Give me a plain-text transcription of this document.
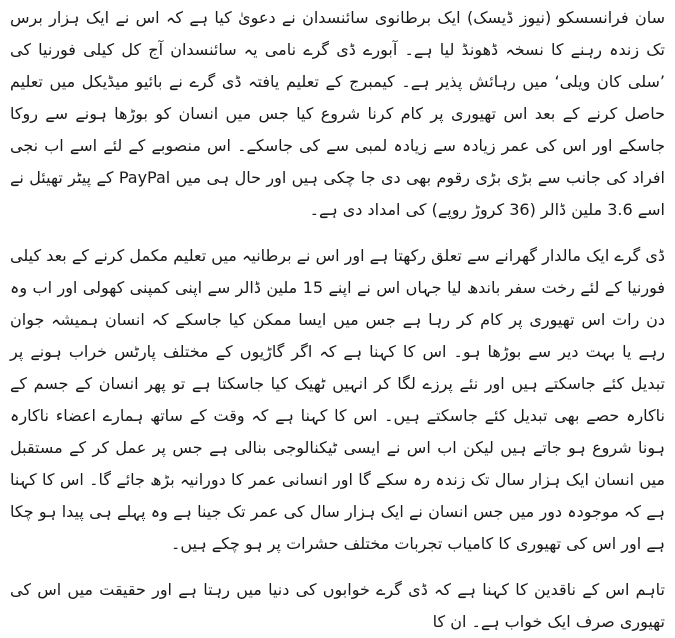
سان فرانسسکو (نیوز ڈیسک) ایک برطانوی سائنسدان نے دعویٰ کیا ہے کہ اس نے ایک ہزار برس تک زندہ رہنے کا نسخہ ڈھونڈ لیا ہے۔ آبورے ڈی گرے نامی یہ سائنسدان آج کل کیلی فورنیا کی ’سلی کان ویلی‘ میں رہائش پذیر ہے۔ کیمبرج کے تعلیم یافتہ ڈی گرے نے بائیو میڈیکل میں تعلیم حاصل کرنے کے بعد اس تھیوری پر کام کرنا شروع کیا جس میں انسان کو بوڑھا ہونے سے روکا جاسکے اور اس کی عمر زیادہ سے زیادہ لمبی سے کی جاسکے۔ اس منصوبے کے لئے اسے اب نجی افراد کی جانب سے بڑی بڑی رقوم بھی دی جا چکی ہیں اور حال ہی میں PayPal کے پیٹر تھیئل نے اسے 3.6 ملین ڈالر (36 کروڑ روپے) کی امداد دی ہے۔

ڈی گرے ایک مالدار گھرانے سے تعلق رکھتا ہے اور اس نے برطانیہ میں تعلیم مکمل کرنے کے بعد کیلی فورنیا کے لئے رخت سفر باندھ لیا جہاں اس نے اپنے 15 ملین ڈالر سے اپنی کمپنی کھولی اور اب وہ دن رات اس تھیوری پر کام کر رہا ہے جس میں ایسا ممکن کیا جاسکے کہ انسان ہمیشہ جوان رہے یا بہت دیر سے بوڑھا ہو۔ اس کا کہنا ہے کہ اگر گاڑیوں کے مختلف پارٹس خراب ہونے پر تبدیل کئے جاسکتے ہیں اور نئے پرزے لگا کر انہیں ٹھیک کیا جاسکتا ہے تو پھر انسان کے جسم کے ناکارہ حصے بھی تبدیل کئے جاسکتے ہیں۔ اس کا کہنا ہے کہ وقت کے ساتھ ہمارے اعضاء ناکارہ ہونا شروع ہو جاتے ہیں لیکن اب اس نے ایسی ٹیکنالوجی بنالی ہے جس پر عمل کر کے مستقبل میں انسان ایک ہزار سال تک زندہ رہ سکے گا اور انسانی عمر کا دورانیہ بڑھ جائے گا۔ اس کا کہنا ہے کہ موجودہ دور میں جس انسان نے ایک ہزار سال کی عمر تک جینا ہے وہ پہلے ہی پیدا ہو چکا ہے اور اس کی تھیوری کا کامیاب تجربات مختلف حشرات پر ہو چکے ہیں۔

تاہم اس کے ناقدین کا کہنا ہے کہ ڈی گرے خوابوں کی دنیا میں رہتا ہے اور حقیقت میں اس کی تھیوری صرف ایک خواب ہے۔ ان کا
